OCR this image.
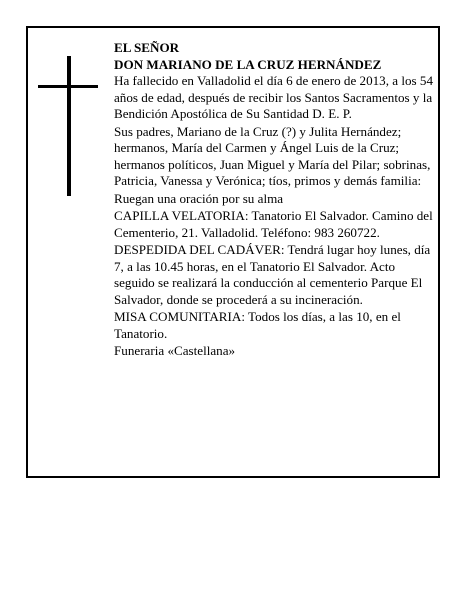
EL SEÑOR

DON MARIANO DE LA CRUZ HERNÁNDEZ

Ha fallecido en Valladolid el día 6 de enero de 2013, a los 54 años de edad, después de recibir los Santos Sacramentos y la Bendición Apostólica de Su Santidad D. E. P.

Sus padres, Mariano de la Cruz (?) y Julita Hernández; hermanos, María del Carmen y Ángel Luis de la Cruz; hermanos políticos, Juan Miguel y María del Pilar; sobrinas, Patricia, Vanessa y Verónica; tíos, primos y demás familia:

Ruegan una oración por su alma

CAPILLA VELATORIA: Tanatorio El Salvador. Camino del Cementerio, 21. Valladolid. Teléfono: 983 260722.

DESPEDIDA DEL CADÁVER: Tendrá lugar hoy lunes, día 7, a las 10.45 horas, en el Tanatorio El Salvador. Acto seguido se realizará la conducción al cementerio Parque El Salvador, donde se procederá a su incineración.

MISA COMUNITARIA: Todos los días, a las 10, en el Tanatorio.

Funeraria «Castellana»
